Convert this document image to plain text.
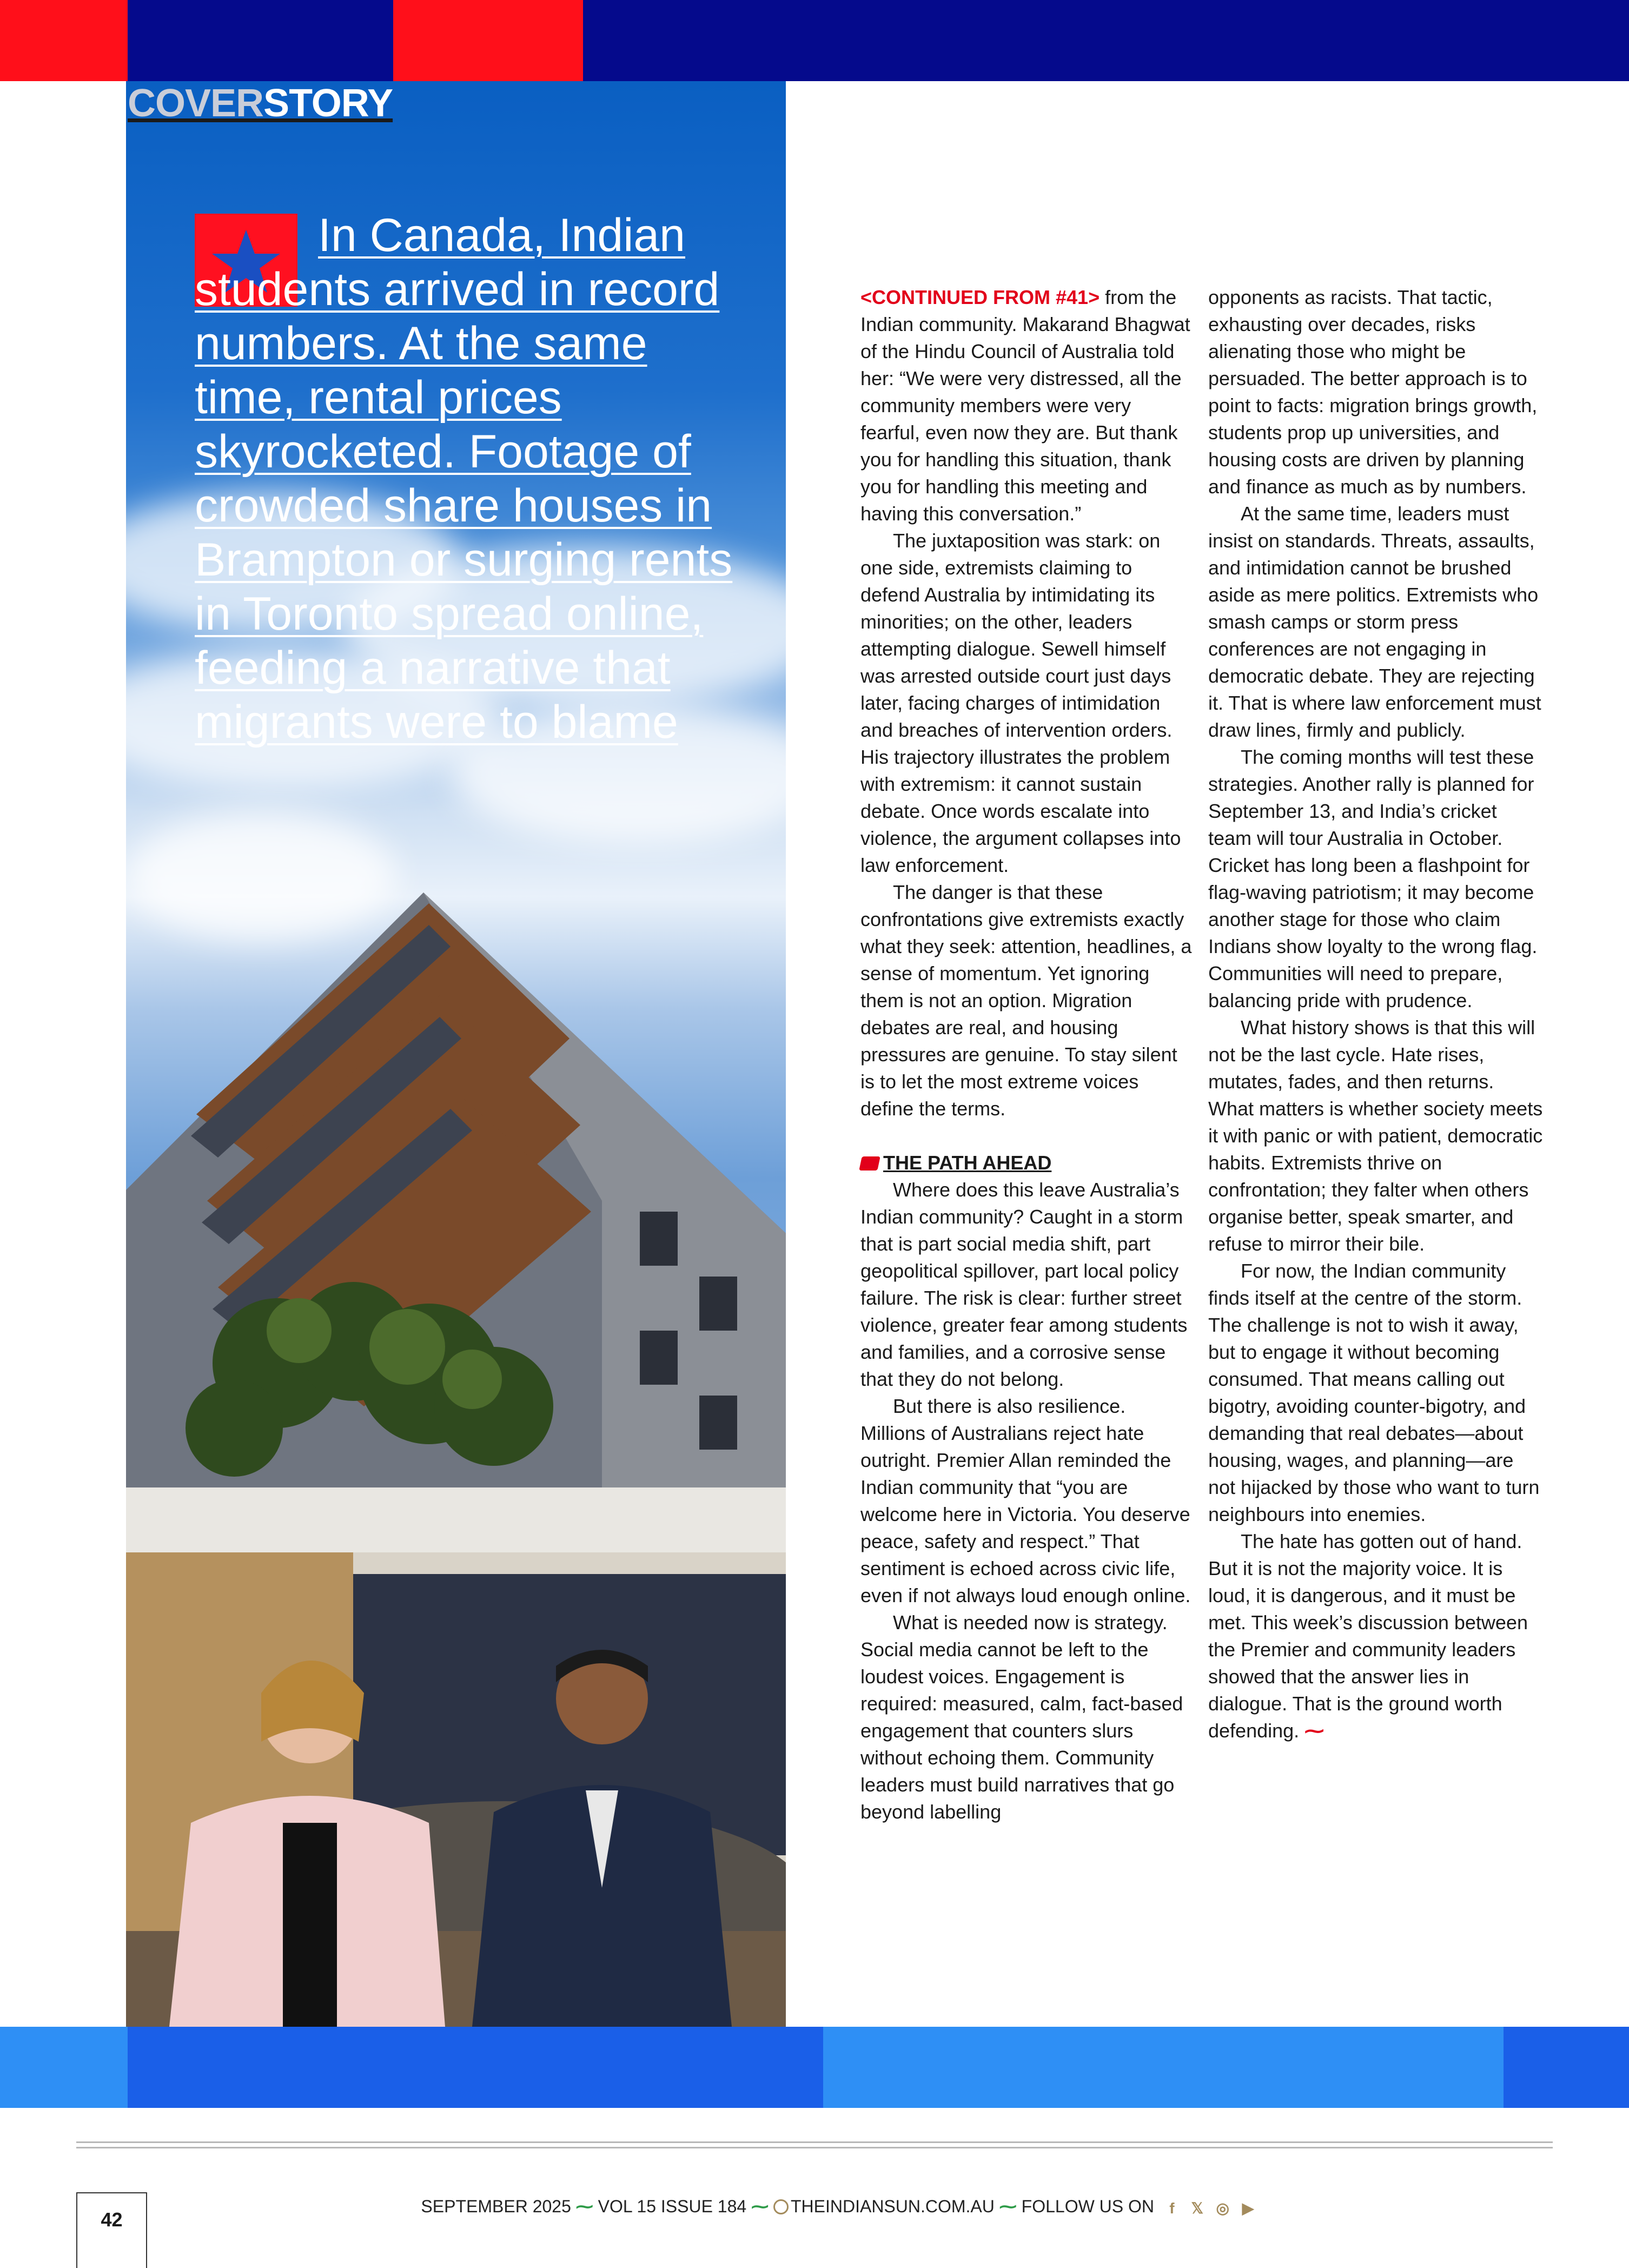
COVERSTORY
In Canada, Indian students arrived in record numbers. At the same time, rental prices skyrocketed. Footage of crowded share houses in Brampton or surging rents in Toronto spread online, feeding a narrative that migrants were to blame

<CONTINUED FROM #41> from the Indian community. Makarand Bhagwat of the Hindu Council of Australia told her: “We were very distressed, all the community members were very fearful, even now they are. But thank you for handling this situation, thank you for handling this meeting and having this conversation.”

The juxtaposition was stark: on one side, extremists claiming to defend Australia by intimidating its minorities; on the other, leaders attempting dialogue. Sewell himself was arrested outside court just days later, facing charges of intimidation and breaches of intervention orders. His trajectory illustrates the problem with extremism: it cannot sustain debate. Once words escalate into violence, the argument collapses into law enforcement.

The danger is that these confrontations give extremists exactly what they seek: attention, headlines, a sense of momentum. Yet ignoring them is not an option. Migration debates are real, and housing pressures are genuine. To stay silent is to let the most extreme voices define the terms.

THE PATH AHEAD

Where does this leave Australia’s Indian community? Caught in a storm that is part social media shift, part geopolitical spillover, part local policy failure. The risk is clear: further street violence, greater fear among students and families, and a corrosive sense that they do not belong.

But there is also resilience. Millions of Australians reject hate outright. Premier Allan reminded the Indian community that “you are welcome here in Victoria. You deserve peace, safety and respect.” That sentiment is echoed across civic life, even if not always loud enough online.

What is needed now is strategy. Social media cannot be left to the loudest voices. Engagement is required: measured, calm, fact-based engagement that counters slurs without echoing them. Community leaders must build narratives that go beyond labelling

opponents as racists. That tactic, exhausting over decades, risks alienating those who might be persuaded. The better approach is to point to facts: migration brings growth, students prop up universities, and housing costs are driven by planning and finance as much as by numbers.

At the same time, leaders must insist on standards. Threats, assaults, and intimidation cannot be brushed aside as mere politics. Extremists who smash camps or storm press conferences are not engaging in democratic debate. They are rejecting it. That is where law enforcement must draw lines, firmly and publicly.

The coming months will test these strategies. Another rally is planned for September 13, and India’s cricket team will tour Australia in October. Cricket has long been a flashpoint for flag-waving patriotism; it may become another stage for those who claim Indians show loyalty to the wrong flag. Communities will need to prepare, balancing pride with prudence.

What history shows is that this will not be the last cycle. Hate rises, mutates, fades, and then returns. What matters is whether society meets it with panic or with patient, democratic habits. Extremists thrive on confrontation; they falter when others organise better, speak smarter, and refuse to mirror their bile.

For now, the Indian community finds itself at the centre of the storm. The challenge is not to wish it away, but to engage it without becoming consumed. That means calling out bigotry, avoiding counter-bigotry, and demanding that real debates—about housing, wages, and planning—are not hijacked by those who want to turn neighbours into enemies.

The hate has gotten out of hand. But it is not the majority voice. It is loud, it is dangerous, and it must be met. This week’s discussion between the Premier and community leaders showed that the answer lies in dialogue. That is the ground worth defending. ⁓

42
SEPTEMBER 2025 ⁓ VOL 15 ISSUE 184 ⁓ THEINDIANSUN.COM.AU ⁓ FOLLOW US ON f 𝕏 ◎ ▶
